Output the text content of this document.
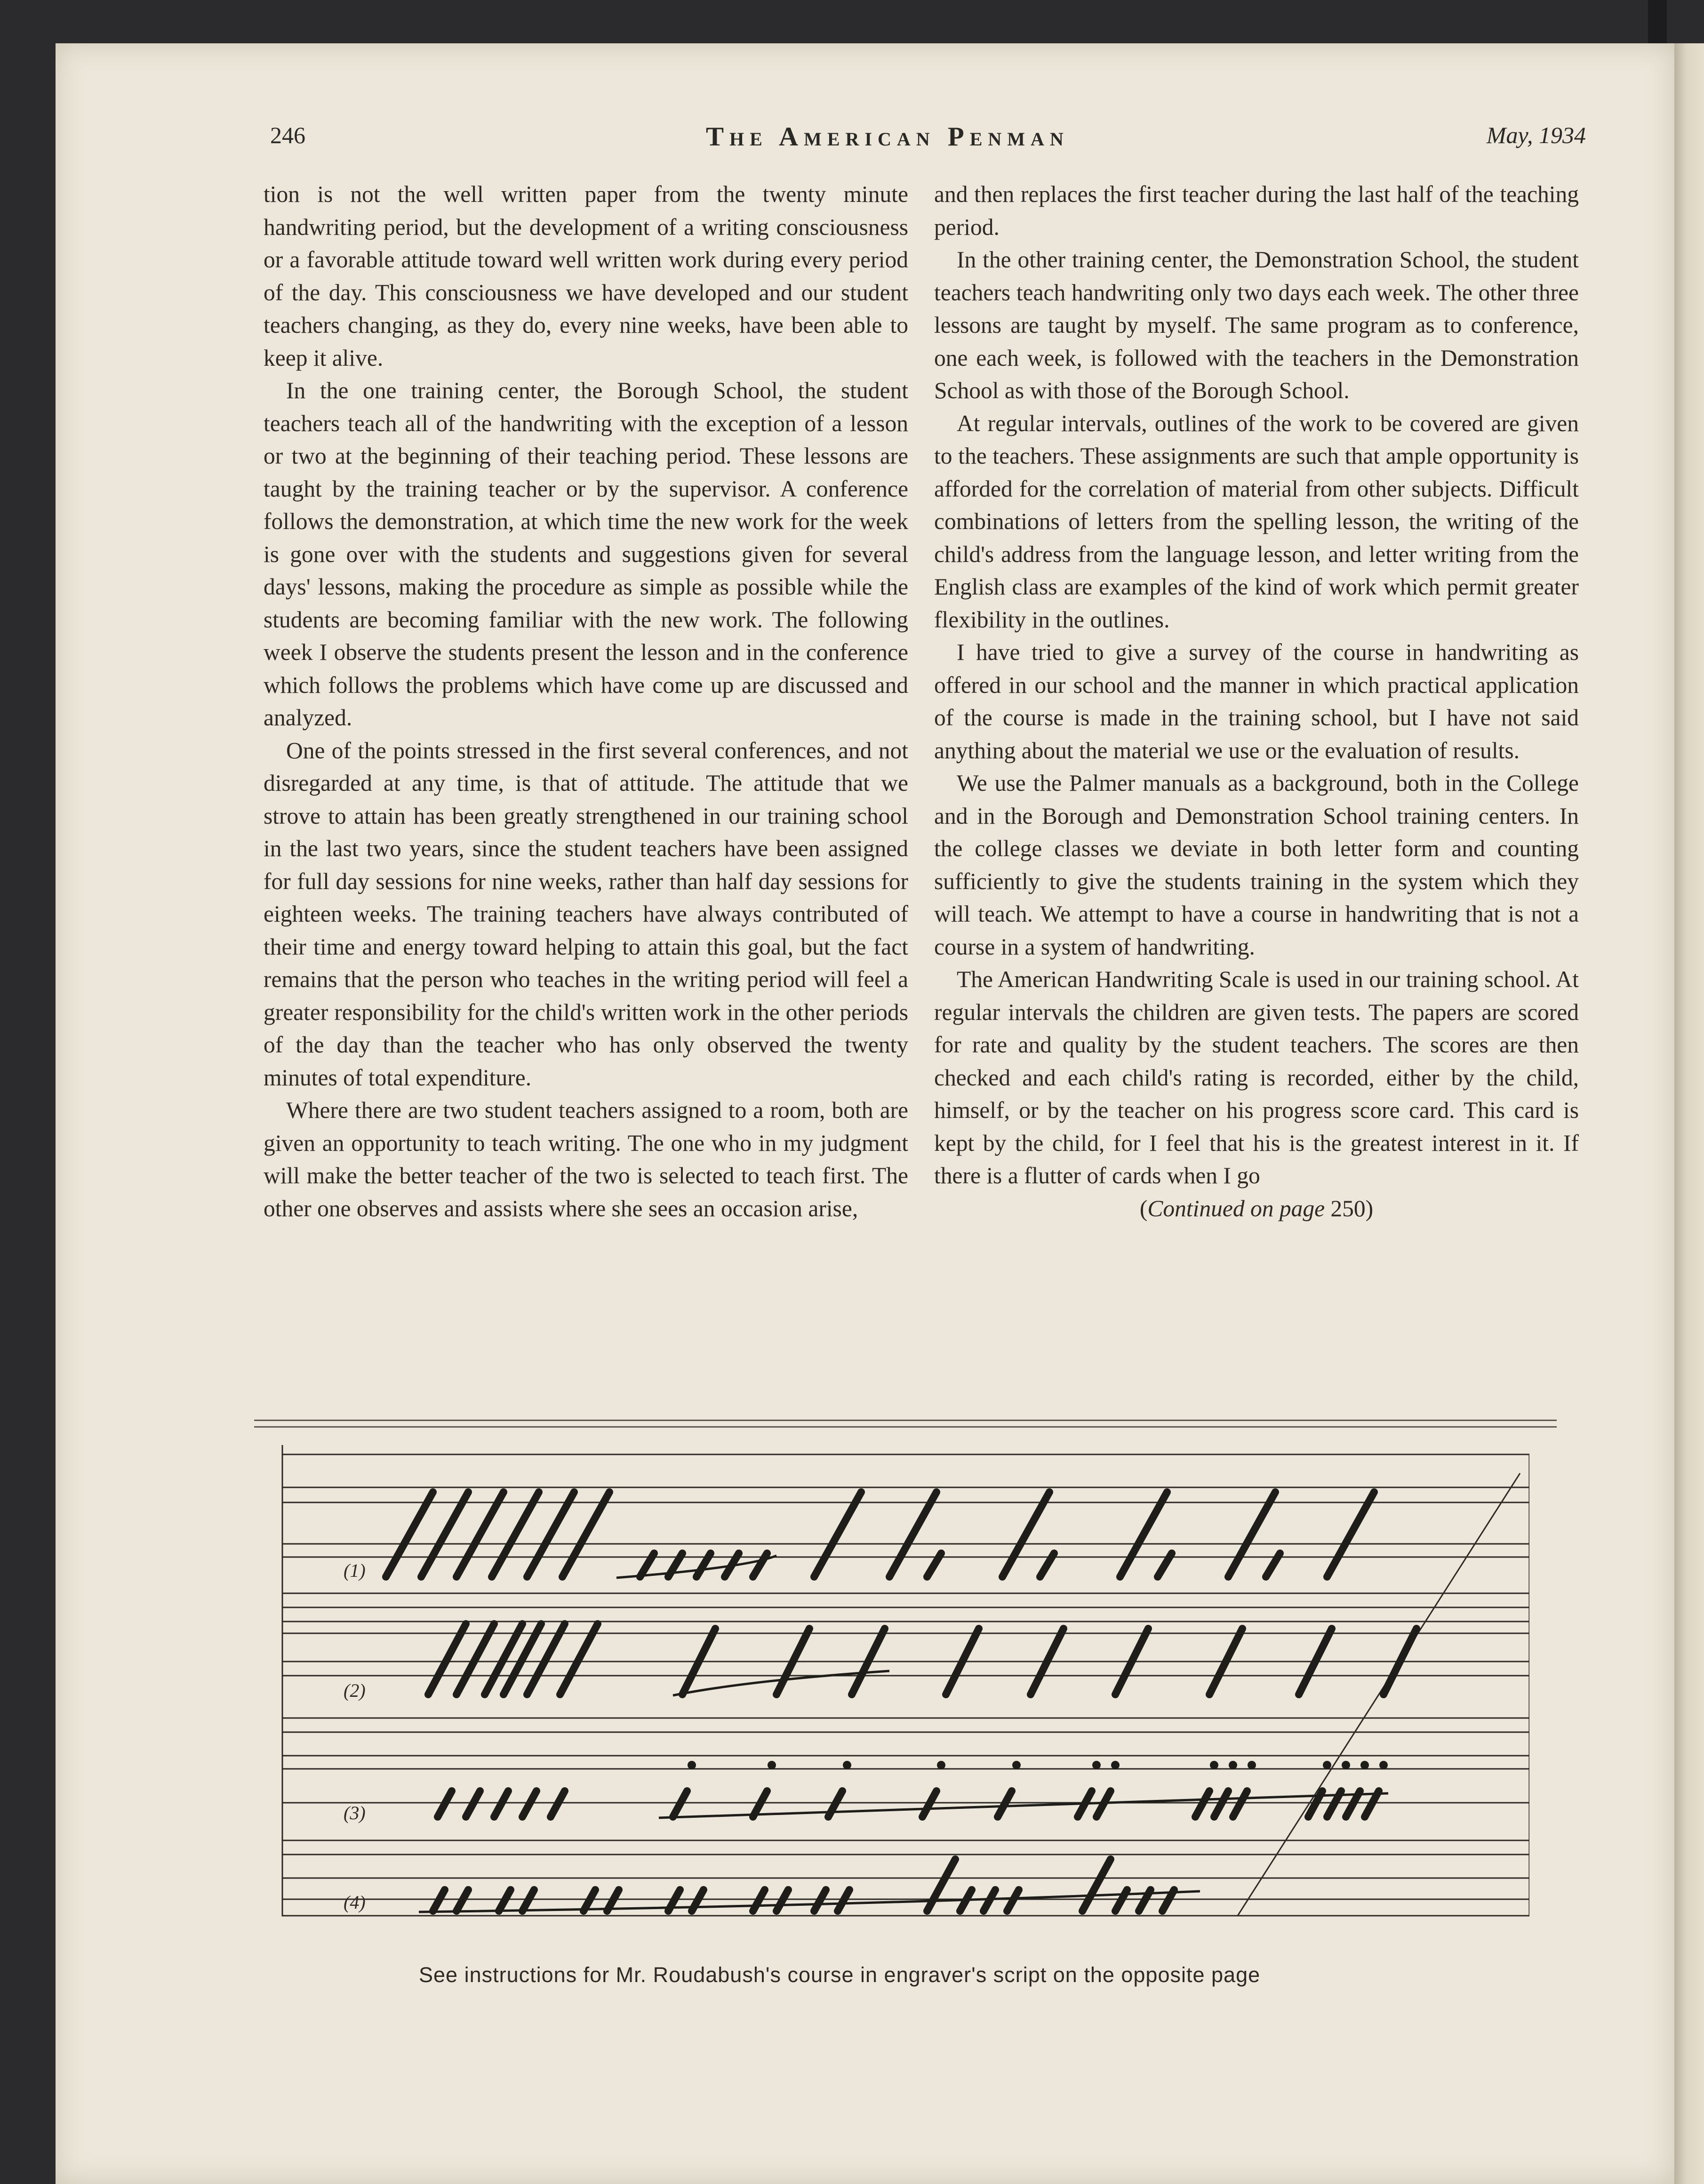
246	The American Penman	May, 1934

tion is not the well written paper from the twenty minute handwriting period, but the development of a writing consciousness or a favorable attitude toward well written work during every period of the day. This consciousness we have developed and our student teachers changing, as they do, every nine weeks, have been able to keep it alive.

In the one training center, the Borough School, the student teachers teach all of the handwriting with the exception of a lesson or two at the beginning of their teaching period. These lessons are taught by the training teacher or by the supervisor. A conference follows the demonstration, at which time the new work for the week is gone over with the students and suggestions given for several days' lessons, making the procedure as simple as possible while the students are becoming familiar with the new work. The following week I observe the students present the lesson and in the conference which follows the problems which have come up are discussed and analyzed.

One of the points stressed in the first several conferences, and not disregarded at any time, is that of attitude. The attitude that we strove to attain has been greatly strengthened in our training school in the last two years, since the student teachers have been assigned for full day sessions for nine weeks, rather than half day sessions for eighteen weeks. The training teachers have always contributed of their time and energy toward helping to attain this goal, but the fact remains that the person who teaches in the writing period will feel a greater responsibility for the child's written work in the other periods of the day than the teacher who has only observed the twenty minutes of total expenditure.

Where there are two student teachers assigned to a room, both are given an opportunity to teach writing. The one who in my judgment will make the better teacher of the two is selected to teach first. The other one observes and assists where she sees an occasion arise,

and then replaces the first teacher during the last half of the teaching period.

In the other training center, the Demonstration School, the student teachers teach handwriting only two days each week. The other three lessons are taught by myself. The same program as to conference, one each week, is followed with the teachers in the Demonstration School as with those of the Borough School.

At regular intervals, outlines of the work to be covered are given to the teachers. These assignments are such that ample opportunity is afforded for the correlation of material from other subjects. Difficult combinations of letters from the spelling lesson, the writing of the child's address from the language lesson, and letter writing from the English class are examples of the kind of work which permit greater flexibility in the outlines.

I have tried to give a survey of the course in handwriting as offered in our school and the manner in which practical application of the course is made in the training school, but I have not said anything about the material we use or the evaluation of results.

We use the Palmer manuals as a background, both in the College and in the Borough and Demonstration School training centers. In the college classes we deviate in both letter form and counting sufficiently to give the students training in the system which they will teach. We attempt to have a course in handwriting that is not a course in a system of handwriting.

The American Handwriting Scale is used in our training school. At regular intervals the children are given tests. The papers are scored for rate and quality by the student teachers. The scores are then checked and each child's rating is recorded, either by the child, himself, or by the teacher on his progress score card. This card is kept by the child, for I feel that his is the greatest interest in it. If there is a flutter of cards when I go

(Continued on page 250)

(1)
(2)
(3)
(4)
See instructions for Mr. Roudabush's course in engraver's script on the opposite page
